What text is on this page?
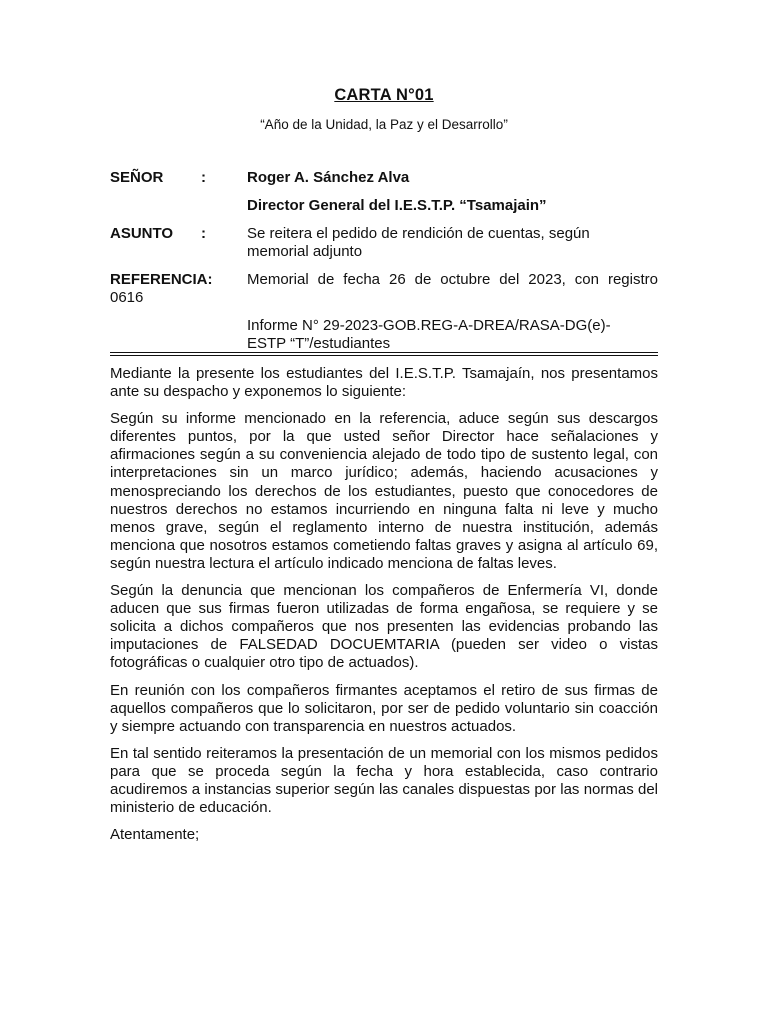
CARTA N°01
“Año de la Unidad, la Paz y el Desarrollo”
SEÑOR	:	Roger A. Sánchez Alva
Director General del I.E.S.T.P. “Tsamajain”
ASUNTO :	Se reitera el pedido de rendición de cuentas, según
memorial adjunto
REFERENCIA: Memorial de fecha 26 de octubre del 2023, con registro
0616
Informe N° 29-2023-GOB.REG-A-DREA/RASA-DG(e)-
ESTP “T”/estudiantes

Mediante la presente los estudiantes del I.E.S.T.P. Tsamajaín, nos presentamos ante su despacho y exponemos lo siguiente:

Según su informe mencionado en la referencia, aduce según sus descargos diferentes puntos, por la que usted señor Director hace señalaciones y afirmaciones según a su conveniencia alejado de todo tipo de sustento legal, con interpretaciones sin un marco jurídico; además, haciendo acusaciones y menospreciando los derechos de los estudiantes, puesto que conocedores de nuestros derechos no estamos incurriendo en ninguna falta ni leve y mucho menos grave, según el reglamento interno de nuestra institución, además menciona que nosotros estamos cometiendo faltas graves y asigna al artículo 69, según nuestra lectura el artículo indicado menciona de faltas leves.

Según la denuncia que mencionan los compañeros de Enfermería VI, donde aducen que sus firmas fueron utilizadas de forma engañosa, se requiere y se solicita a dichos compañeros que nos presenten las evidencias probando las imputaciones de FALSEDAD DOCUEMTARIA (pueden ser video o vistas fotográficas o cualquier otro tipo de actuados).

En reunión con los compañeros firmantes aceptamos el retiro de sus firmas de aquellos compañeros que lo solicitaron, por ser de pedido voluntario sin coacción y siempre actuando con transparencia en nuestros actuados.

En tal sentido reiteramos la presentación de un memorial con los mismos pedidos para que se proceda según la fecha y hora establecida, caso contrario acudiremos a instancias superior según las canales dispuestas por las normas del ministerio de educación.

Atentamente;
